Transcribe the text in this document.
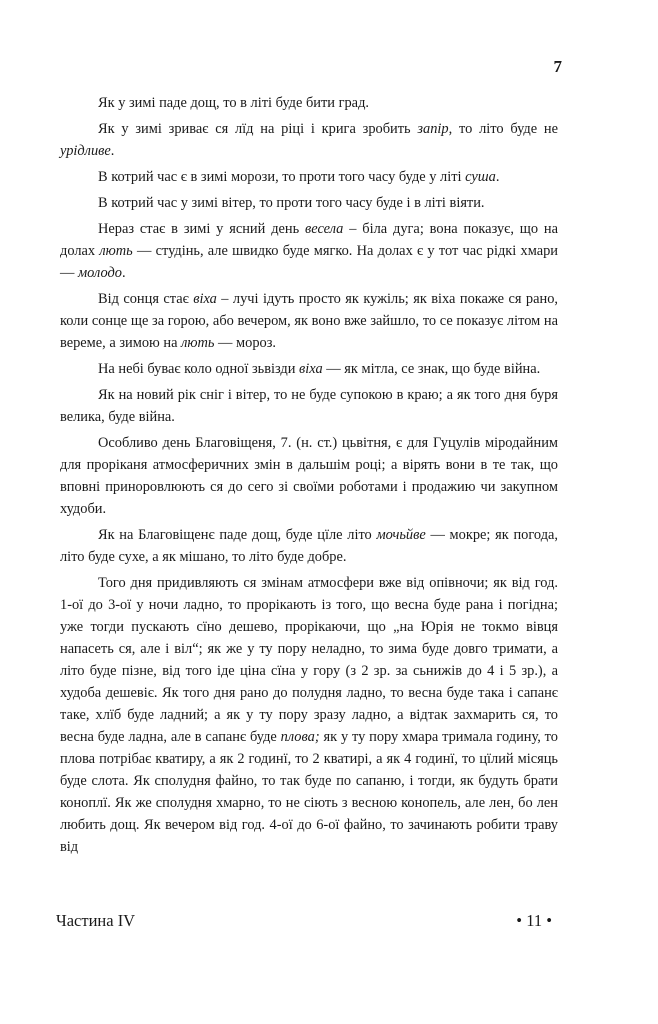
7

Як у зимі паде дощ, то в літі буде бити град.

Як у зимі зриває ся лїд на ріці і крига зробить запір, то літо буде не урідливе.

В котрий час є в зимі морози, то проти того часу буде у літі суша.

В котрий час у зимі вітер, то проти того часу буде і в літі віяти.

Нераз стає в зимі у ясний день весела – біла дуга; вона показує, що на долах лють — студінь, але швидко буде мягко. На долах є у тот час рідкі хмари — молодо.

Від сонця стає віха – лучі ідуть просто як кужіль; як віха покаже ся рано, коли сонце ще за горою, або вечером, як воно вже зайшло, то се показує літом на вереме, а зимою на лють — мороз.

На небі буває коло одної зьвізди віха — як мітла, се знак, що буде війна.

Як на новий рік сніг і вітер, то не буде супокою в краю; а як того дня буря велика, буде війна.

Особливо день Благовіщеня, 7. (н. ст.) цьвітня, є для Гуцулів міродайним для проріканя атмосферичних змін в дальшім році; а вірять вони в те так, що вповні приноровлюють ся до сего зі своїми роботами і продажию чи закупном худоби.

Як на Благовіщенє паде дощ, буде цїле літо мочьйве — мокре; як погода, літо буде сухе, а як мішано, то літо буде добре.

Того дня придивляють ся змінам атмосфери вже від опівночи; як від год. 1-ої до 3-ої у ночи ладно, то прорікають із того, що весна буде рана і погідна; уже тогди пускають сїно дешево, прорікаючи, що „на Юрія не токмо вівця напасеть ся, але і віл“; як же у ту пору неладно, то зима буде довго тримати, а літо буде пізне, від того іде ціна сїна у гору (з 2 зр. за сьнижів до 4 і 5 зр.), а худоба дешевіє. Як того дня рано до полудня ладно, то весна буде така і сапанє таке, хлїб буде ладний; а як у ту пору зразу ладно, а відтак захмарить ся, то весна буде ладна, але в сапанє буде плова; як у ту пору хмара тримала годину, то плова потрібає кватиру, а як 2 годинї, то 2 кватирі, а як 4 годинї, то цїлий місяць буде слота. Як сполудня файно, то так буде по сапаню, і тогди, як будуть брати коноплї. Як же сполудня хмарно, то не сіють з весною конопель, але лен, бо лен любить дощ. Як вечером від год. 4-ої до 6-ої файно, то зачинають робити траву від

Частина IV	• 11 •
